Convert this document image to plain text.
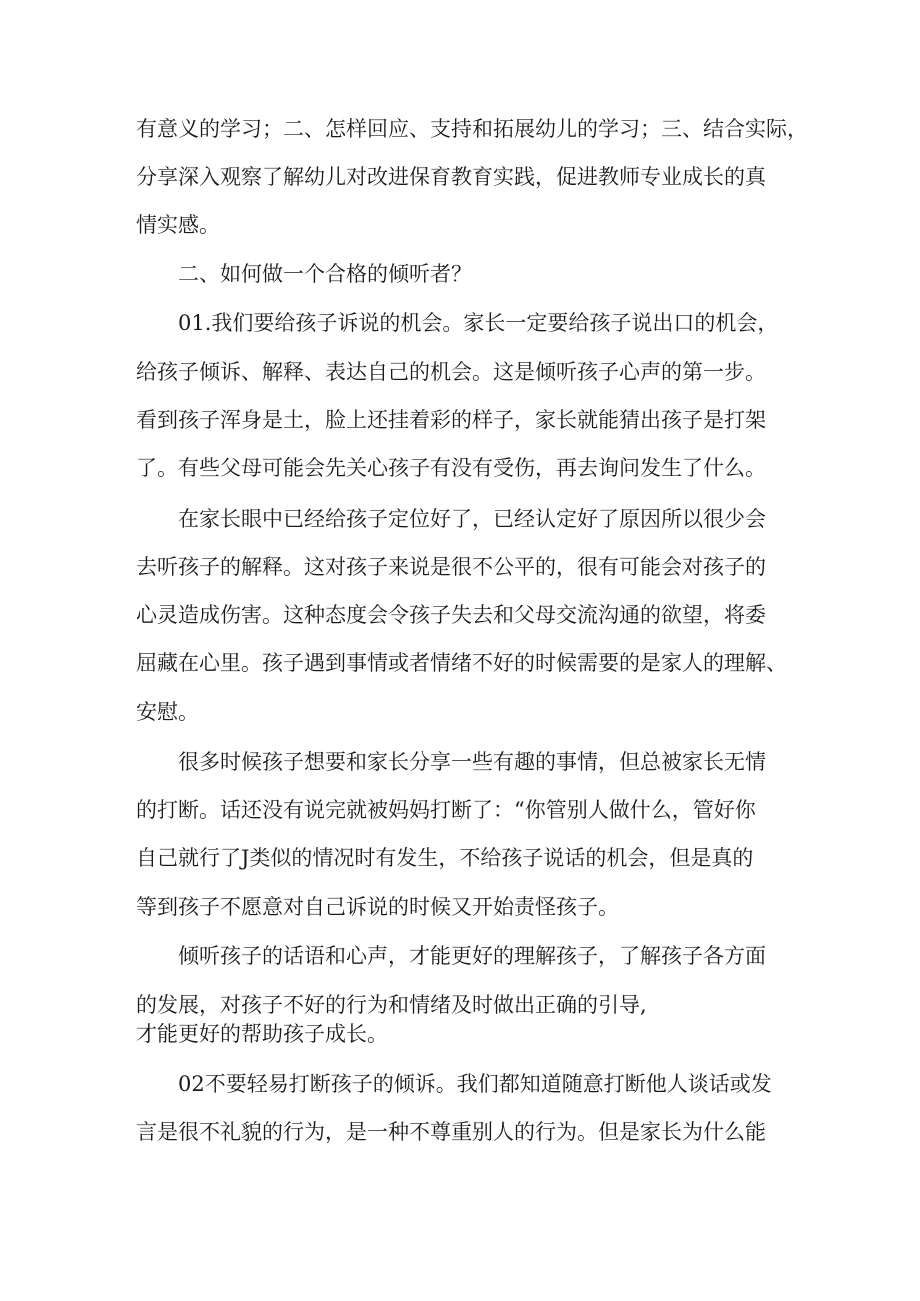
有意义的学习；二、怎样回应、支持和拓展幼儿的学习；三、结合实际，
分享深入观察了解幼儿对改进保育教育实践，促进教师专业成长的真
情实感。
二、如何做一个合格的倾听者？
01.我们要给孩子诉说的机会。家长一定要给孩子说出口的机会，
给孩子倾诉、解释、表达自己的机会。这是倾听孩子心声的第一步。
看到孩子浑身是土，脸上还挂着彩的样子，家长就能猜出孩子是打架
了。有些父母可能会先关心孩子有没有受伤，再去询问发生了什么。
在家长眼中已经给孩子定位好了，已经认定好了原因所以很少会
去听孩子的解释。这对孩子来说是很不公平的，很有可能会对孩子的
心灵造成伤害。这种态度会令孩子失去和父母交流沟通的欲望，将委
屈藏在心里。孩子遇到事情或者情绪不好的时候需要的是家人的理解、
安慰。
很多时候孩子想要和家长分享一些有趣的事情，但总被家长无情
的打断。话还没有说完就被妈妈打断了：“你管别人做什么，管好你
自己就行了J类似的情况时有发生，不给孩子说话的机会，但是真的
等到孩子不愿意对自己诉说的时候又开始责怪孩子。
倾听孩子的话语和心声，才能更好的理解孩子，了解孩子各方面
的发展，对孩子不好的行为和情绪及时做出正确的引导,
才能更好的帮助孩子成长。
02不要轻易打断孩子的倾诉。我们都知道随意打断他人谈话或发
言是很不礼貌的行为，是一种不尊重别人的行为。但是家长为什么能
